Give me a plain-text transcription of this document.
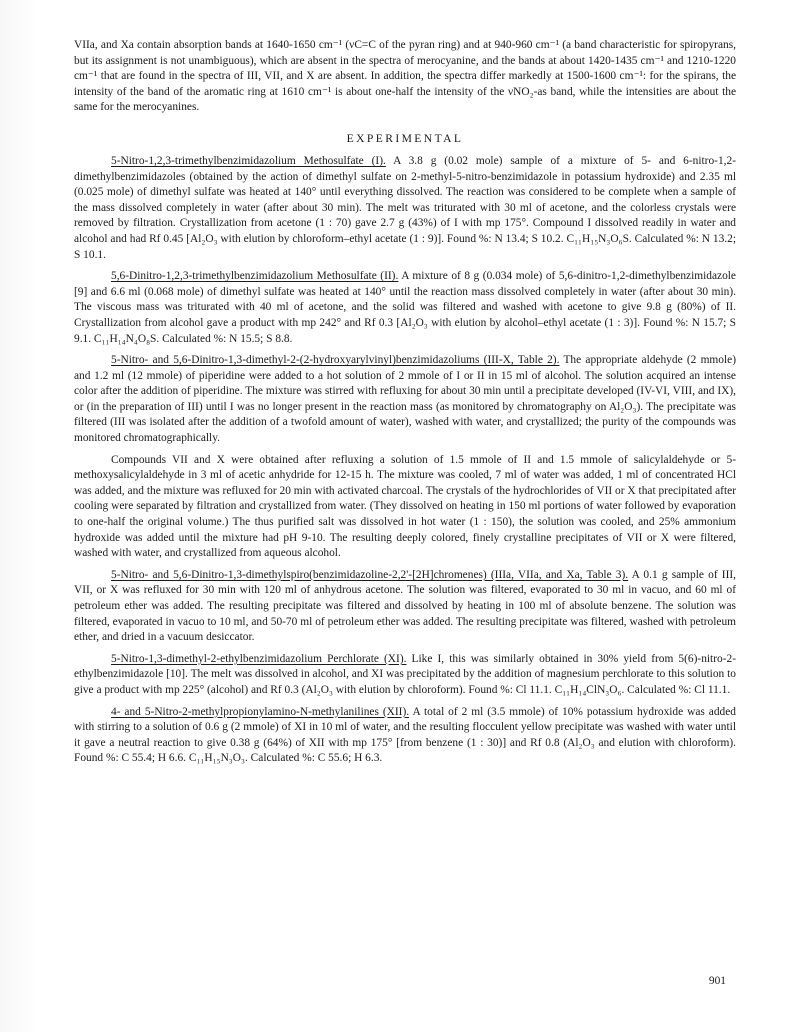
VIIa, and Xa contain absorption bands at 1640-1650 cm⁻¹ (νC=C of the pyran ring) and at 940-960 cm⁻¹ (a band characteristic for spiropyrans, but its assignment is not unambiguous), which are absent in the spectra of merocyanine, and the bands at about 1420-1435 cm⁻¹ and 1210-1220 cm⁻¹ that are found in the spectra of III, VII, and X are absent. In addition, the spectra differ markedly at 1500-1600 cm⁻¹: for the spirans, the intensity of the band of the aromatic ring at 1610 cm⁻¹ is about one-half the intensity of the νNO₂-as band, while the intensities are about the same for the merocyanines.

EXPERIMENTAL

5-Nitro-1,2,3-trimethylbenzimidazolium Methosulfate (I). A 3.8 g (0.02 mole) sample of a mixture of 5- and 6-nitro-1,2-dimethylbenzimidazoles (obtained by the action of dimethyl sulfate on 2-methyl-5-nitro-benzimidazole in potassium hydroxide) and 2.35 ml (0.025 mole) of dimethyl sulfate was heated at 140° until everything dissolved. The reaction was considered to be complete when a sample of the mass dissolved completely in water (after about 30 min). The melt was triturated with 30 ml of acetone, and the colorless crystals were removed by filtration. Crystallization from acetone (1 : 70) gave 2.7 g (43%) of I with mp 175°. Compound I dissolved readily in water and alcohol and had Rf 0.45 [Al₂O₃ with elution by chloroform–ethyl acetate (1 : 9)]. Found %: N 13.4; S 10.2. C₁₁H₁₅N₃O₆S. Calculated %: N 13.2; S 10.1.

5,6-Dinitro-1,2,3-trimethylbenzimidazolium Methosulfate (II). A mixture of 8 g (0.034 mole) of 5,6-dinitro-1,2-dimethylbenzimidazole [9] and 6.6 ml (0.068 mole) of dimethyl sulfate was heated at 140° until the reaction mass dissolved completely in water (after about 30 min). The viscous mass was triturated with 40 ml of acetone, and the solid was filtered and washed with acetone to give 9.8 g (80%) of II. Crystallization from alcohol gave a product with mp 242° and Rf 0.3 [Al₂O₃ with elution by alcohol–ethyl acetate (1 : 3)]. Found %: N 15.7; S 9.1. C₁₁H₁₄N₄O₈S. Calculated %: N 15.5; S 8.8.

5-Nitro- and 5,6-Dinitro-1,3-dimethyl-2-(2-hydroxyarylvinyl)benzimidazoliums (III-X, Table 2). The appropriate aldehyde (2 mmole) and 1.2 ml (12 mmole) of piperidine were added to a hot solution of 2 mmole of I or II in 15 ml of alcohol. The solution acquired an intense color after the addition of piperidine. The mixture was stirred with refluxing for about 30 min until a precipitate developed (IV-VI, VIII, and IX), or (in the preparation of III) until I was no longer present in the reaction mass (as monitored by chromatography on Al₂O₃). The precipitate was filtered (III was isolated after the addition of a twofold amount of water), washed with water, and crystallized; the purity of the compounds was monitored chromatographically.

Compounds VII and X were obtained after refluxing a solution of 1.5 mmole of II and 1.5 mmole of salicylaldehyde or 5-methoxysalicylaldehyde in 3 ml of acetic anhydride for 12-15 h. The mixture was cooled, 7 ml of water was added, 1 ml of concentrated HCl was added, and the mixture was refluxed for 20 min with activated charcoal. The crystals of the hydrochlorides of VII or X that precipitated after cooling were separated by filtration and crystallized from water. (They dissolved on heating in 150 ml portions of water followed by evaporation to one-half the original volume.) The thus purified salt was dissolved in hot water (1 : 150), the solution was cooled, and 25% ammonium hydroxide was added until the mixture had pH 9-10. The resulting deeply colored, finely crystalline precipitates of VII or X were filtered, washed with water, and crystallized from aqueous alcohol.

5-Nitro- and 5,6-Dinitro-1,3-dimethylspiro(benzimidazoline-2,2'-[2H]chromenes) (IIIa, VIIa, and Xa, Table 3). A 0.1 g sample of III, VII, or X was refluxed for 30 min with 120 ml of anhydrous acetone. The solution was filtered, evaporated to 30 ml in vacuo, and 60 ml of petroleum ether was added. The resulting precipitate was filtered and dissolved by heating in 100 ml of absolute benzene. The solution was filtered, evaporated in vacuo to 10 ml, and 50-70 ml of petroleum ether was added. The resulting precipitate was filtered, washed with petroleum ether, and dried in a vacuum desiccator.

5-Nitro-1,3-dimethyl-2-ethylbenzimidazolium Perchlorate (XI). Like I, this was similarly obtained in 30% yield from 5(6)-nitro-2-ethylbenzimidazole [10]. The melt was dissolved in alcohol, and XI was precipitated by the addition of magnesium perchlorate to this solution to give a product with mp 225° (alcohol) and Rf 0.3 (Al₂O₃ with elution by chloroform). Found %: Cl 11.1. C₁₁H₁₄ClN₃O₆. Calculated %: Cl 11.1.

4- and 5-Nitro-2-methylpropionylamino-N-methylanilines (XII). A total of 2 ml (3.5 mmole) of 10% potassium hydroxide was added with stirring to a solution of 0.6 g (2 mmole) of XI in 10 ml of water, and the resulting flocculent yellow precipitate was washed with water until it gave a neutral reaction to give 0.38 g (64%) of XII with mp 175° [from benzene (1 : 30)] and Rf 0.8 (Al₂O₃ and elution with chloroform). Found %: C 55.4; H 6.6. C₁₁H₁₅N₃O₃. Calculated %: C 55.6; H 6.3.

901
